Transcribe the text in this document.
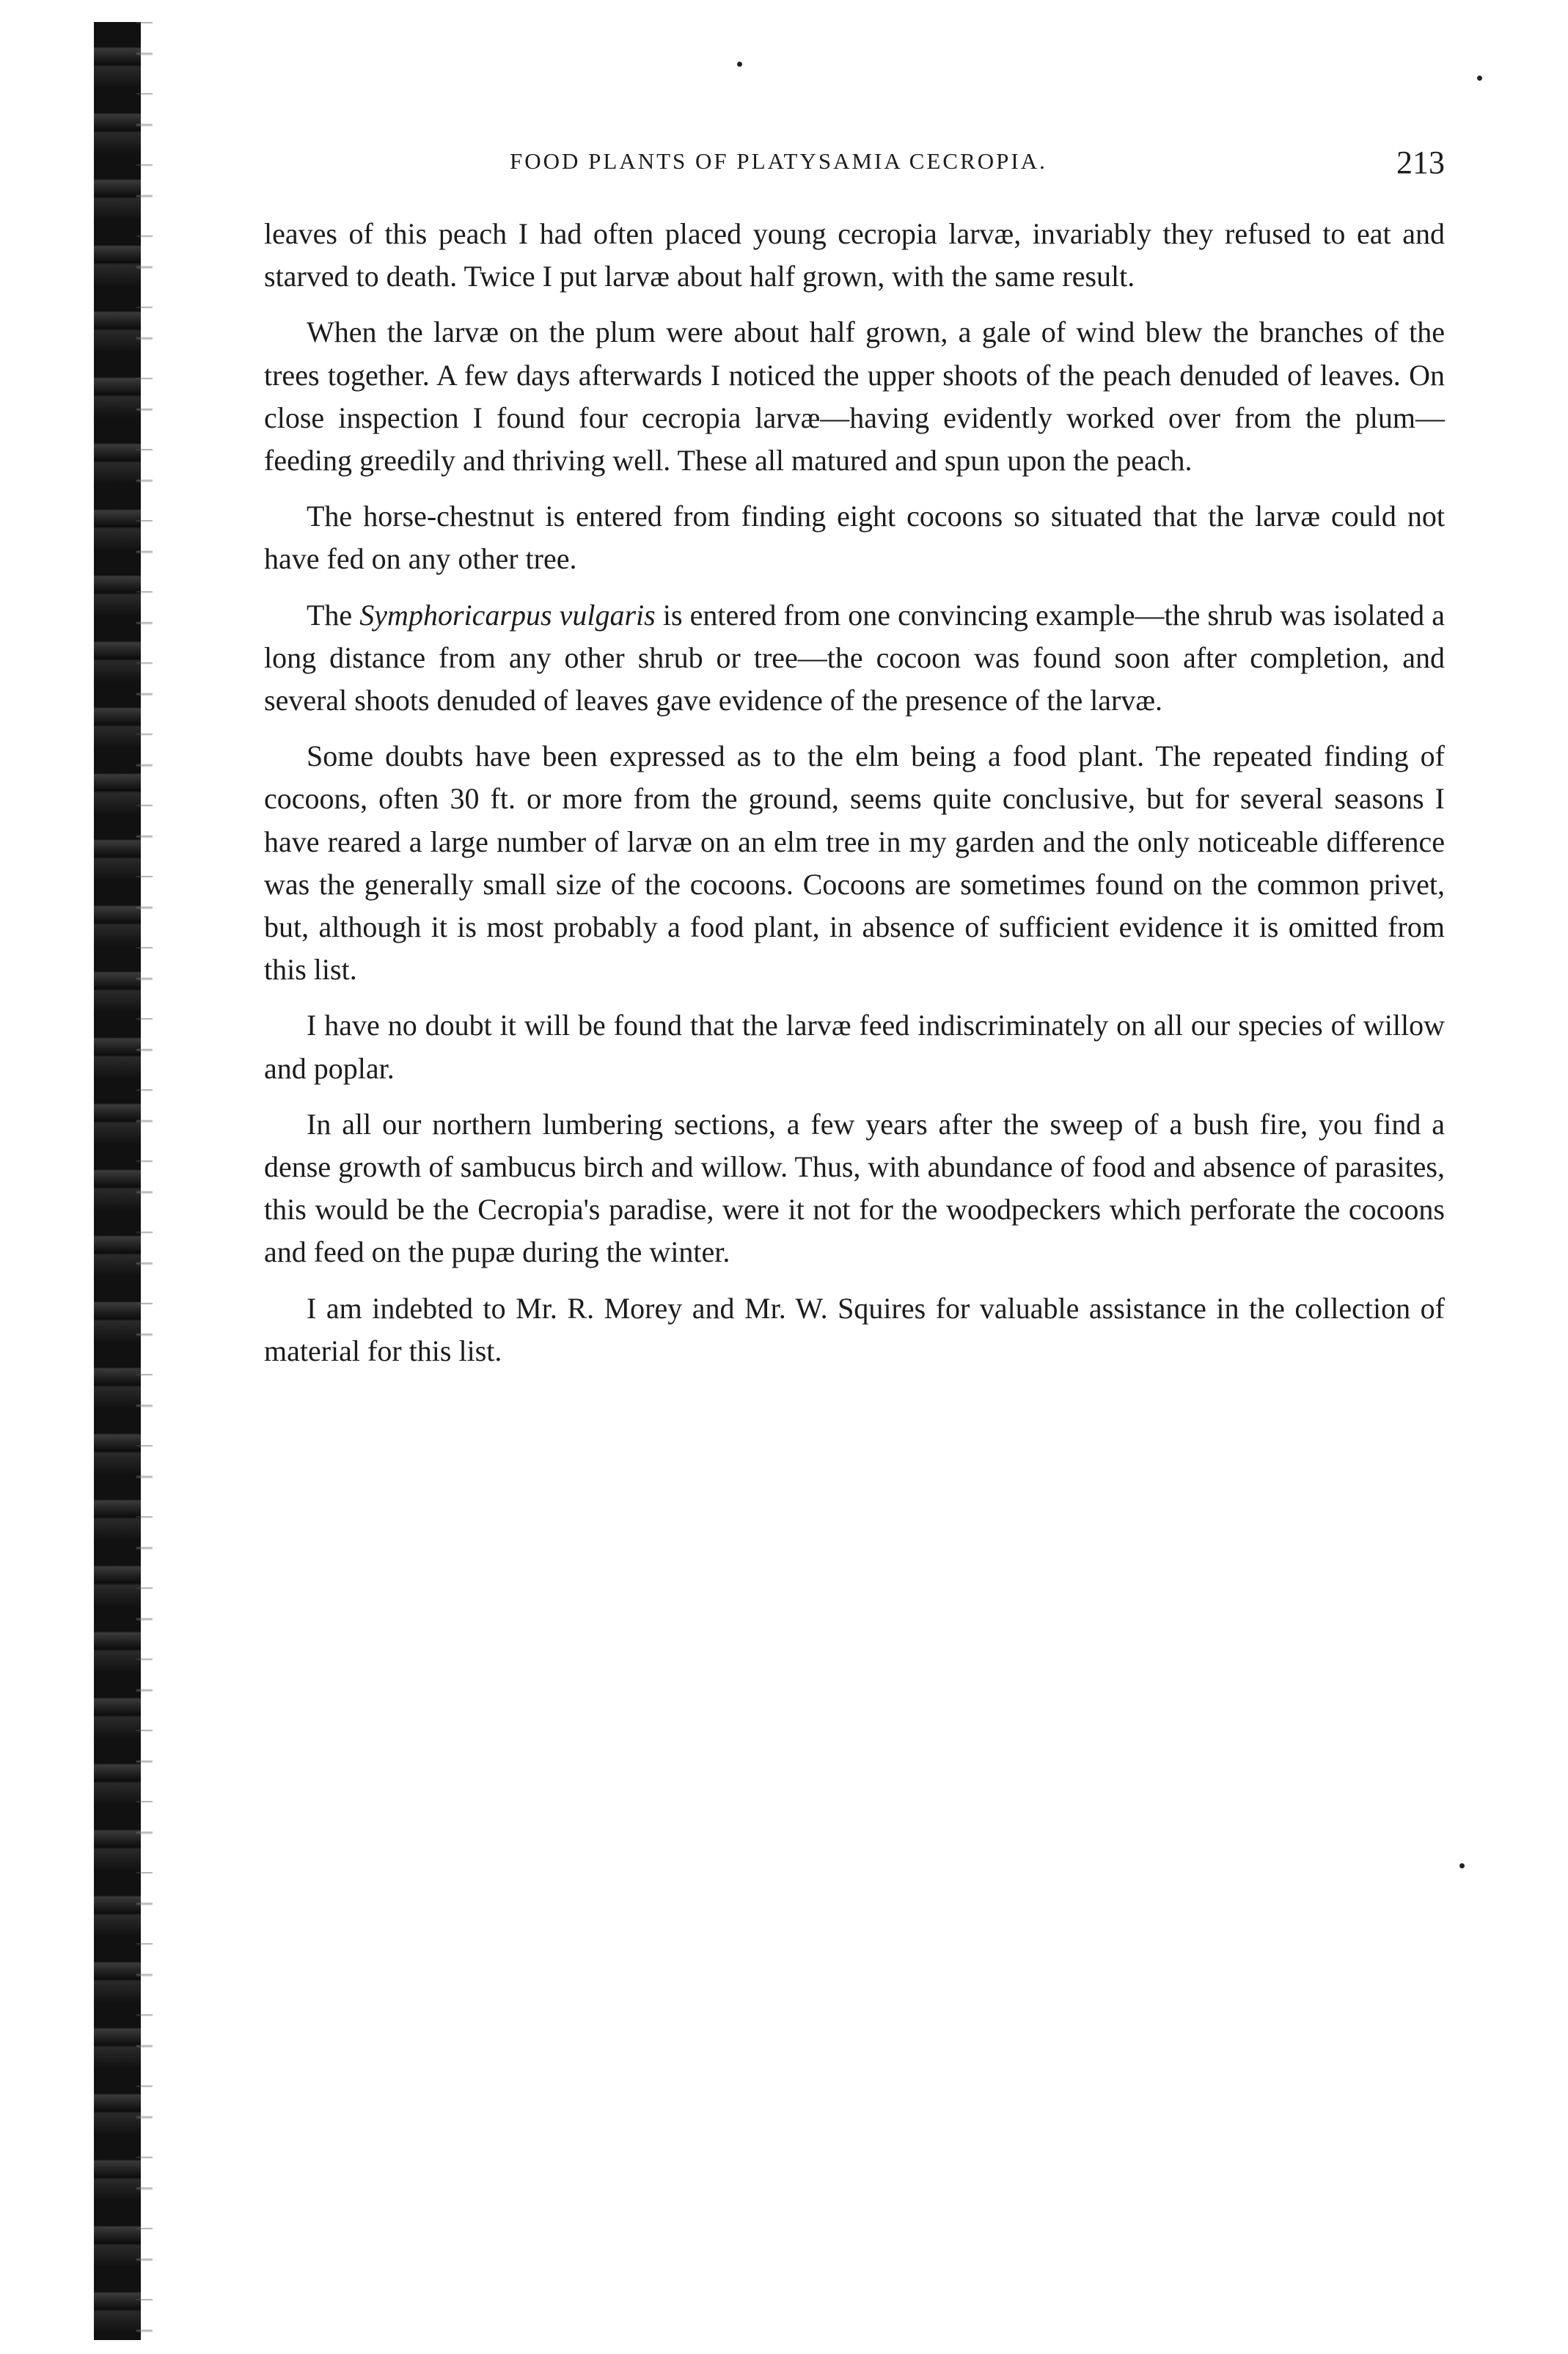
FOOD PLANTS OF PLATYSAMIA CECROPIA.	213

leaves of this peach I had often placed young cecropia larvæ, invariably they refused to eat and starved to death. Twice I put larvæ about half grown, with the same result.

When the larvæ on the plum were about half grown, a gale of wind blew the branches of the trees together. A few days afterwards I noticed the upper shoots of the peach denuded of leaves. On close inspection I found four cecropia larvæ—having evidently worked over from the plum—feeding greedily and thriving well. These all matured and spun upon the peach.

The horse-chestnut is entered from finding eight cocoons so situated that the larvæ could not have fed on any other tree.

The Symphoricarpus vulgaris is entered from one convincing example—the shrub was isolated a long distance from any other shrub or tree—the cocoon was found soon after completion, and several shoots denuded of leaves gave evidence of the presence of the larvæ.

Some doubts have been expressed as to the elm being a food plant. The repeated finding of cocoons, often 30 ft. or more from the ground, seems quite conclusive, but for several seasons I have reared a large number of larvæ on an elm tree in my garden and the only noticeable difference was the generally small size of the cocoons. Cocoons are sometimes found on the common privet, but, although it is most probably a food plant, in absence of sufficient evidence it is omitted from this list.

I have no doubt it will be found that the larvæ feed indiscriminately on all our species of willow and poplar.

In all our northern lumbering sections, a few years after the sweep of a bush fire, you find a dense growth of sambucus birch and willow. Thus, with abundance of food and absence of parasites, this would be the Cecropia's paradise, were it not for the woodpeckers which perforate the cocoons and feed on the pupæ during the winter.

I am indebted to Mr. R. Morey and Mr. W. Squires for valuable assistance in the collection of material for this list.
